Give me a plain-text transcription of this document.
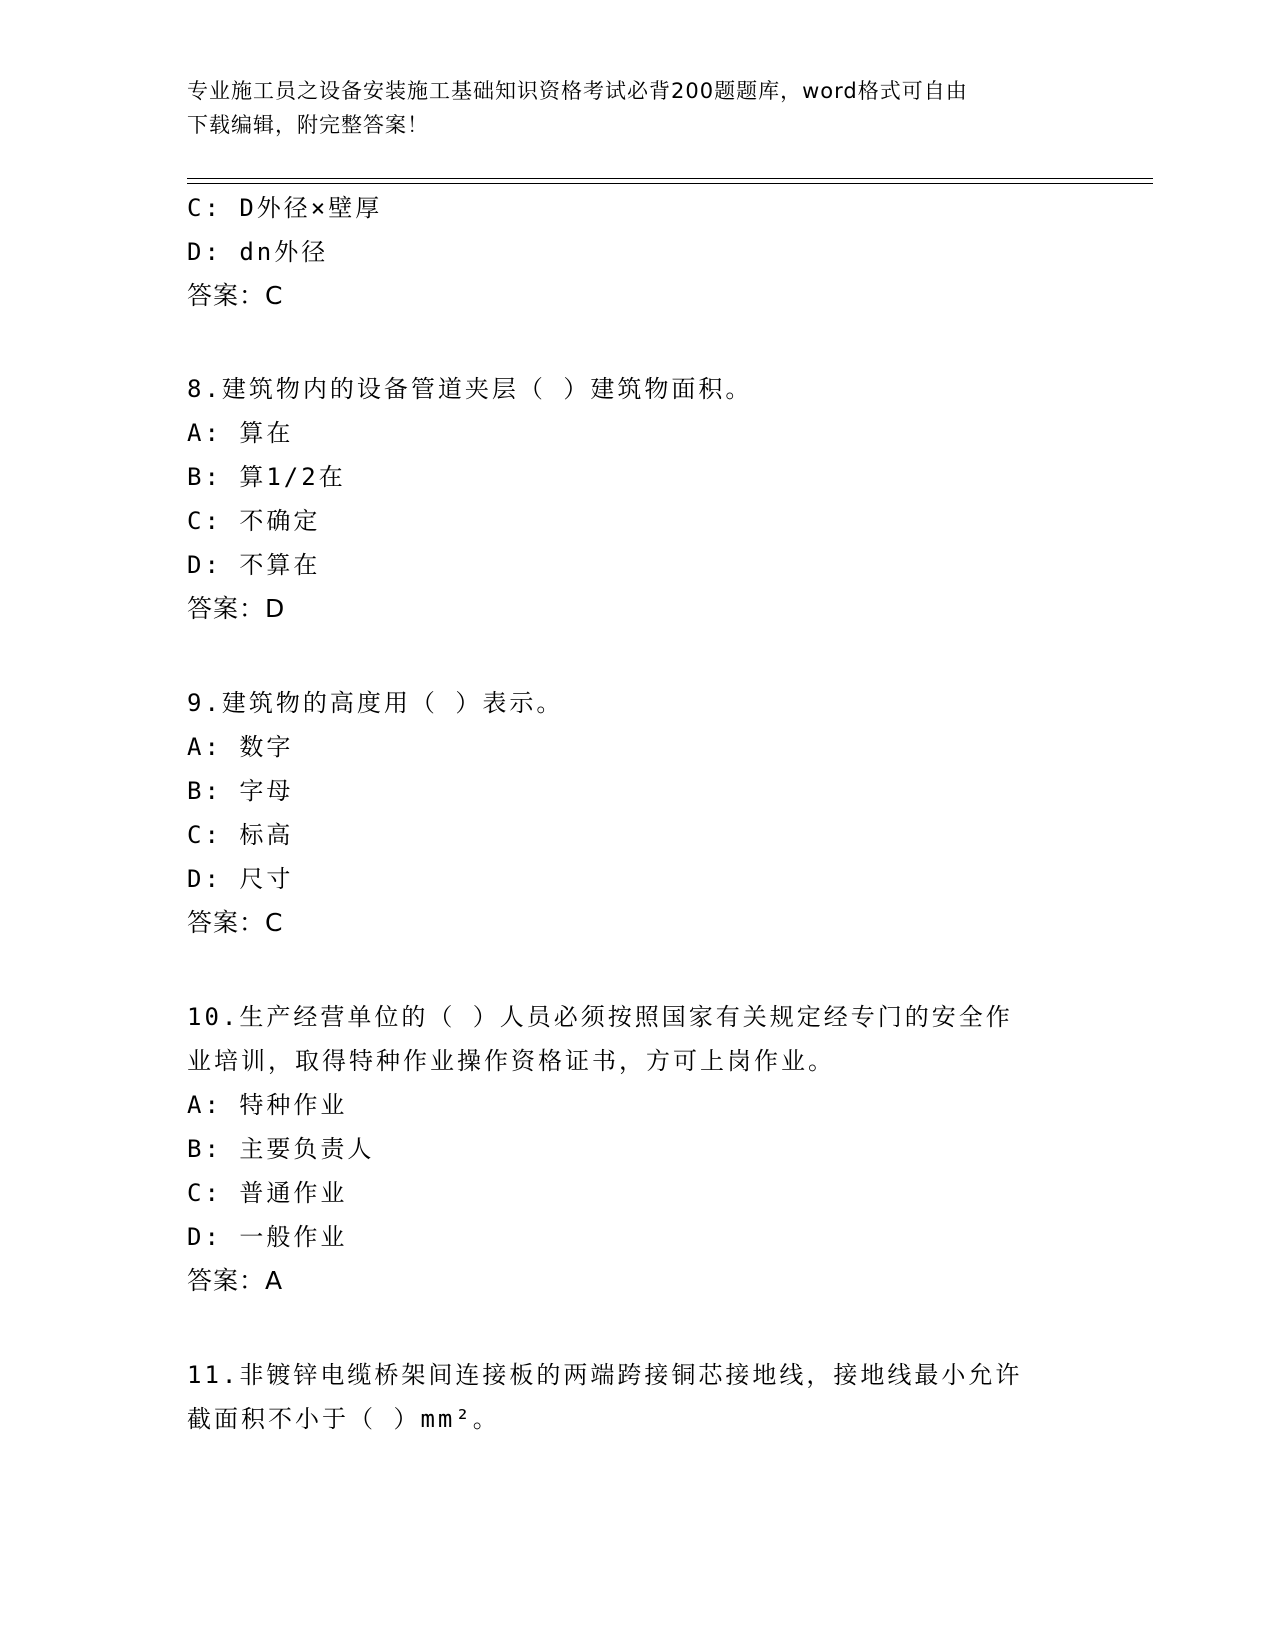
专业施工员之设备安装施工基础知识资格考试必背200题题库，word格式可自由
下载编辑，附完整答案！
C: D外径×壁厚
D: dn外径
答案：C
8.建筑物内的设备管道夹层（ ）建筑物面积。
A: 算在
B: 算1/2在
C: 不确定
D: 不算在
答案：D
9.建筑物的高度用（ ）表示。
A: 数字
B: 字母
C: 标高
D: 尺寸
答案：C
10.生产经营单位的（ ）人员必须按照国家有关规定经专门的安全作
业培训，取得特种作业操作资格证书，方可上岗作业。
A: 特种作业
B: 主要负责人
C: 普通作业
D: 一般作业
答案：A
11.非镀锌电缆桥架间连接板的两端跨接铜芯接地线，接地线最小允许
截面积不小于（ ）mm²。
